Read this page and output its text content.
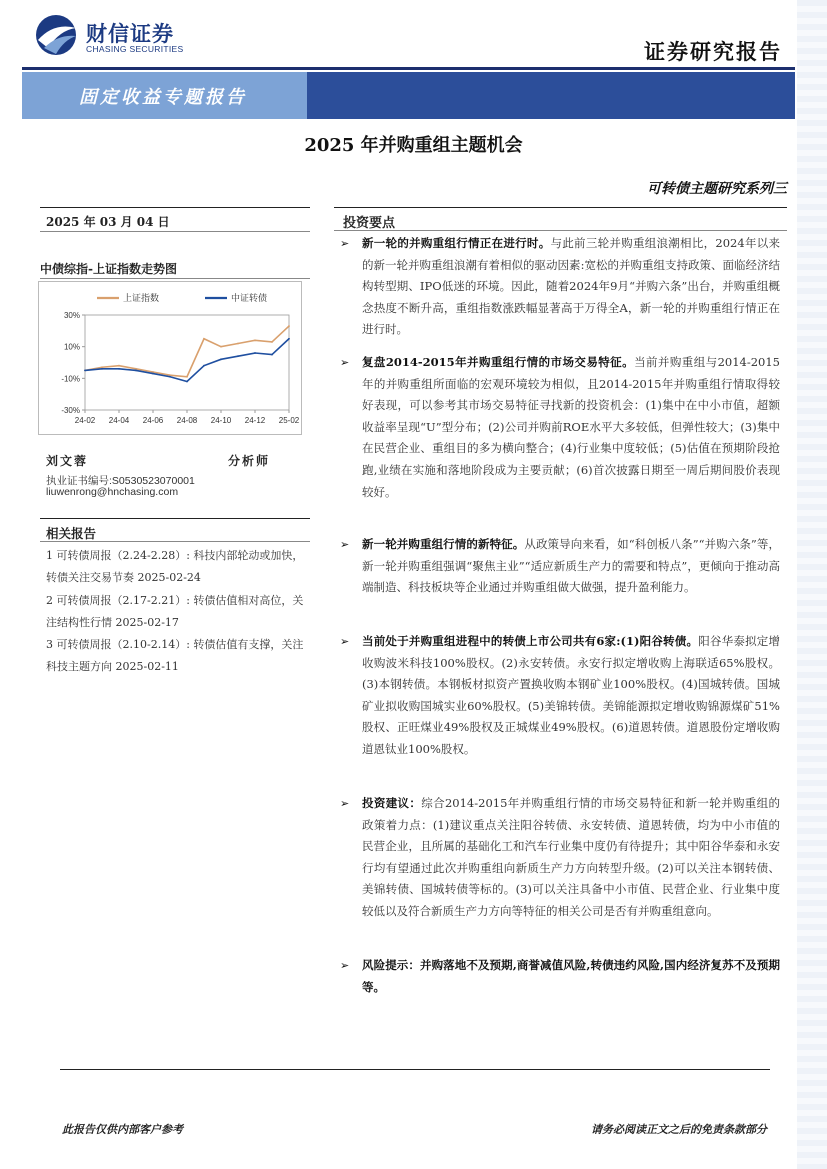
财信证券
CHASING SECURITIES	证券研究报告
固定收益专题报告
2025 年并购重组主题机会
可转债主题研究系列三
2025 年 03 月 04 日
中债综指-上证指数走势图
30%
10%
-10%
-30%
24-02 24-04 24-06 24-08 24-10 24-12 25-02
上证指数	中证转债
刘文蓉	分析师
执业证书编号:S0530523070001
liuwenrong@hnchasing.com
相关报告
1 可转债周报（2.24-2.28）: 科技内部轮动或加快，转债关注交易节奏 2025-02-24
2 可转债周报（2.17-2.21）: 转债估值相对高位，关注结构性行情 2025-02-17
3 可转债周报（2.10-2.14）: 转债估值有支撑，关注科技主题方向 2025-02-11
投资要点
➢ 新一轮的并购重组行情正在进行时。与此前三轮并购重组浪潮相比，2024年以来的新一轮并购重组浪潮有着相似的驱动因素:宽松的并购重组支持政策、面临经济结构转型期、IPO低迷的环境。因此，随着2024年9月“并购六条”出台，并购重组概念热度不断升高，重组指数涨跌幅显著高于万得全A，新一轮的并购重组行情正在进行时。
➢ 复盘2014-2015年并购重组行情的市场交易特征。当前并购重组与2014-2015年的并购重组所面临的宏观环境较为相似，且2014-2015年并购重组行情取得较好表现，可以参考其市场交易特征寻找新的投资机会：(1)集中在中小市值，超额收益率呈现“U”型分布；(2)公司并购前ROE水平大多较低，但弹性较大；(3)集中在民营企业、重组目的多为横向整合；(4)行业集中度较低；(5)估值在预期阶段抢跑,业绩在实施和落地阶段成为主要贡献；(6)首次披露日期至一周后期间股价表现较好。
➢ 新一轮并购重组行情的新特征。从政策导向来看，如“科创板八条”“并购六条”等，新一轮并购重组强调“聚焦主业”“适应新质生产力的需要和特点”，更倾向于推动高端制造、科技板块等企业通过并购重组做大做强，提升盈利能力。
➢ 当前处于并购重组进程中的转债上市公司共有6家:(1)阳谷转债。阳谷华泰拟定增收购波米科技100%股权。(2)永安转债。永安行拟定增收购上海联适65%股权。(3)本钢转债。本钢板材拟资产置换收购本钢矿业100%股权。(4)国城转债。国城矿业拟收购国城实业60%股权。(5)美锦转债。美锦能源拟定增收购锦源煤矿51%股权、正旺煤业49%股权及正城煤业49%股权。(6)道恩转债。道恩股份定增收购道恩钛业100%股权。
➢ 投资建议：综合2014-2015年并购重组行情的市场交易特征和新一轮并购重组的政策着力点：(1)建议重点关注阳谷转债、永安转债、道恩转债，均为中小市值的民营企业，且所属的基础化工和汽车行业集中度仍有待提升；其中阳谷华泰和永安行均有望通过此次并购重组向新质生产力方向转型升级。(2)可以关注本钢转债、美锦转债、国城转债等标的。(3)可以关注具备中小市值、民营企业、行业集中度较低以及符合新质生产力方向等特征的相关公司是否有并购重组意向。
➢ 风险提示：并购落地不及预期,商誉减值风险,转债违约风险,国内经济复苏不及预期等。
此报告仅供内部客户参考	请务必阅读正文之后的免责条款部分
